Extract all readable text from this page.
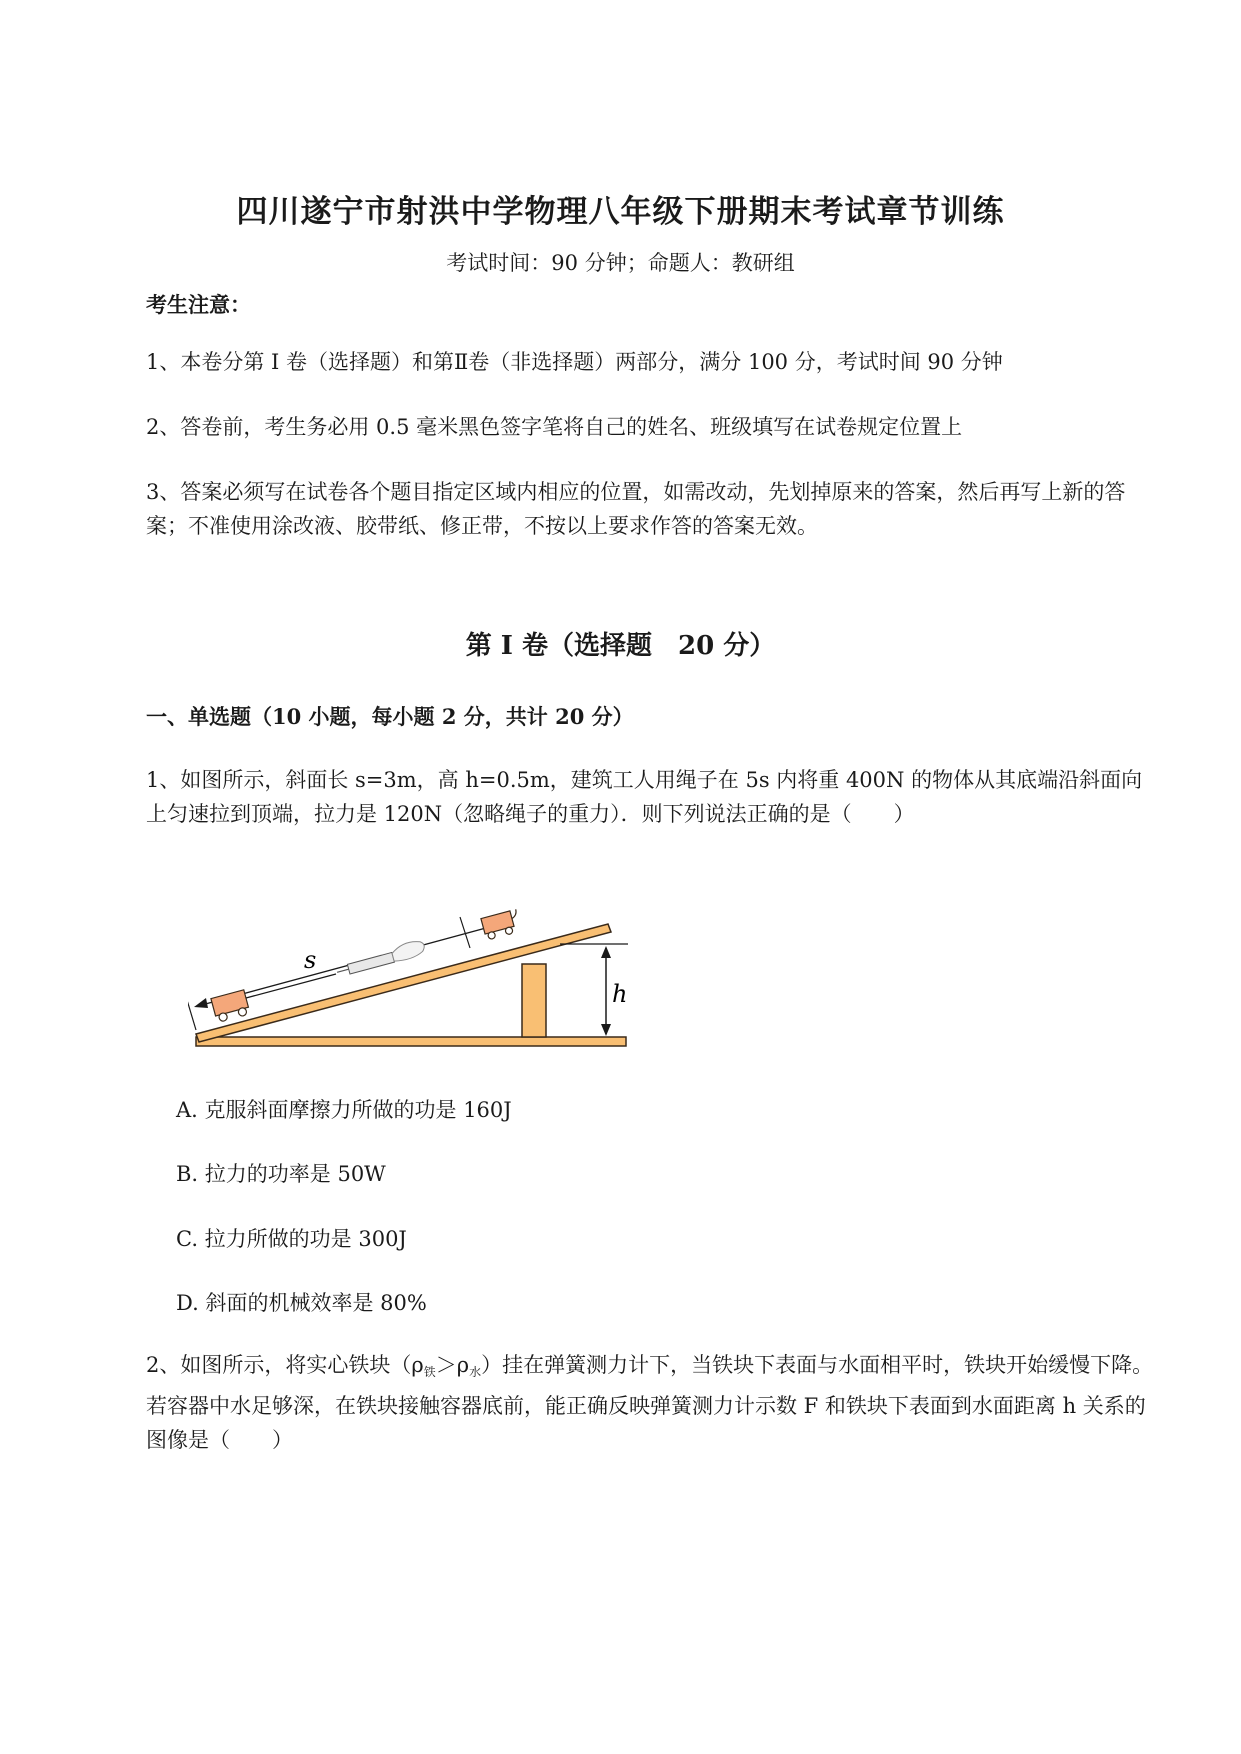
四川遂宁市射洪中学物理八年级下册期末考试章节训练
考试时间：90 分钟；命题人：教研组
考生注意：
1、本卷分第 I 卷（选择题）和第Ⅱ卷（非选择题）两部分，满分 100 分，考试时间 90 分钟
2、答卷前，考生务必用 0.5 毫米黑色签字笔将自己的姓名、班级填写在试卷规定位置上
3、答案必须写在试卷各个题目指定区域内相应的位置，如需改动，先划掉原来的答案，然后再写上新的答案；不准使用涂改液、胶带纸、修正带，不按以上要求作答的答案无效。
第 I 卷（选择题　20 分）
一、单选题（10 小题，每小题 2 分，共计 20 分）
1、如图所示，斜面长 s=3m，高 h=0.5m，建筑工人用绳子在 5s 内将重 400N 的物体从其底端沿斜面向上匀速拉到顶端，拉力是 120N（忽略绳子的重力）．则下列说法正确的是（　　）
h
s
A. 克服斜面摩擦力所做的功是 160J
B. 拉力的功率是 50W
C. 拉力所做的功是 300J
D. 斜面的机械效率是 80%
2、如图所示，将实心铁块$(\rho_铁>\rho_水)$挂在弹簧测力计下，当铁块下表面与水面相平时，铁块开始缓慢下降。若容器中水足够深，在铁块接触容器底前，能正确反映弹簧测力计示数 F 和铁块下表面到水面距离 h 关系的图像是（　　）
